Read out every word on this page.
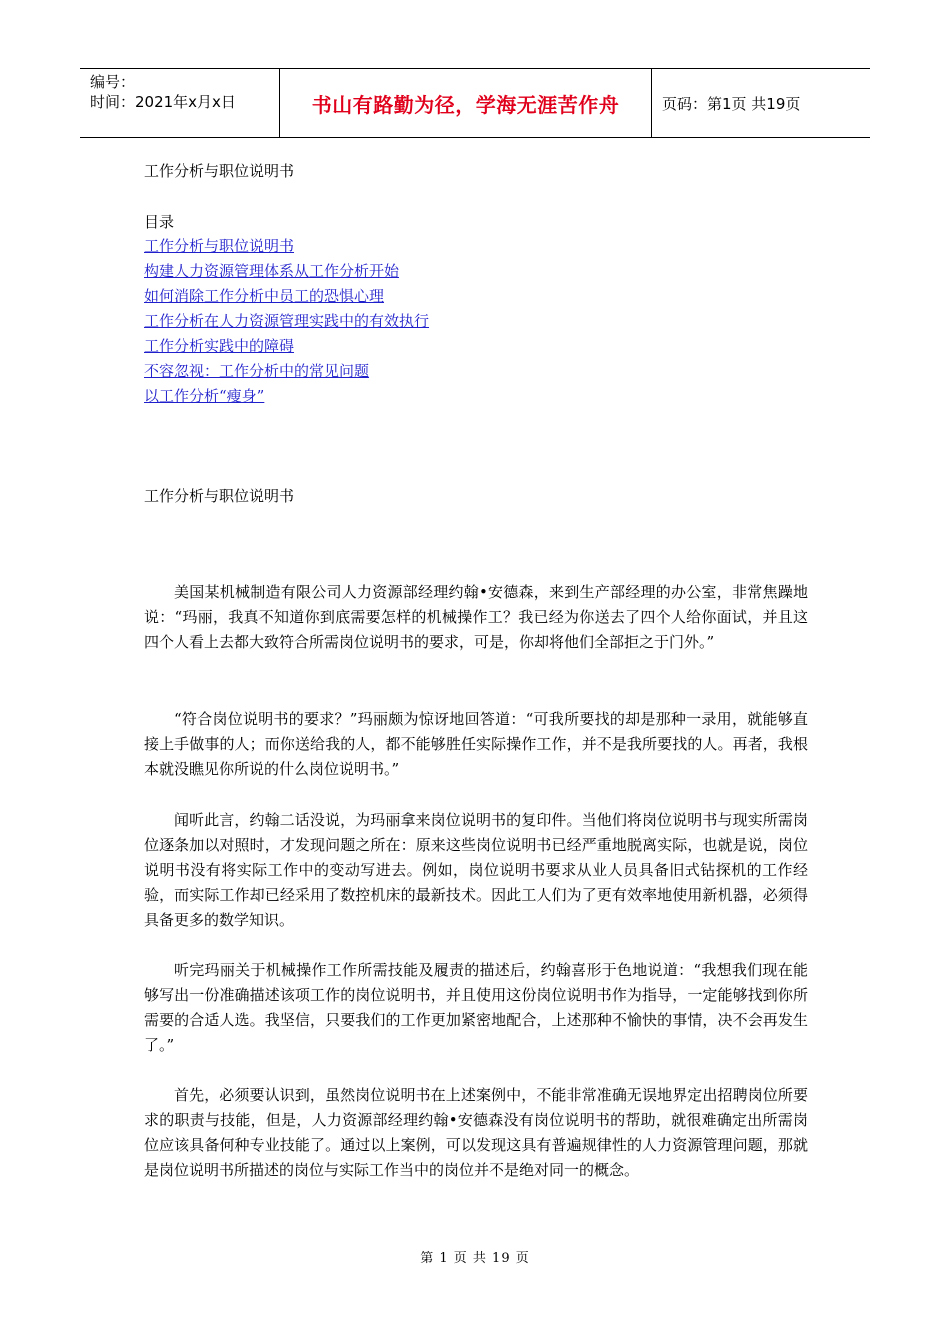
编号：
时间：2021年x月x日	书山有路勤为径，学海无涯苦作舟	页码：第1页 共19页
工作分析与职位说明书
目录
工作分析与职位说明书
构建人力资源管理体系从工作分析开始
如何消除工作分析中员工的恐惧心理
工作分析在人力资源管理实践中的有效执行
工作分析实践中的障碍
不容忽视：工作分析中的常见问题
以工作分析“瘦身”
工作分析与职位说明书

美国某机械制造有限公司人力资源部经理约翰•安德森，来到生产部经理的办公室，非常焦躁地说：“玛丽，我真不知道你到底需要怎样的机械操作工？我已经为你送去了四个人给你面试，并且这四个人看上去都大致符合所需岗位说明书的要求，可是，你却将他们全部拒之于门外。”

“符合岗位说明书的要求？”玛丽颇为惊讶地回答道：“可我所要找的却是那种一录用，就能够直接上手做事的人；而你送给我的人，都不能够胜任实际操作工作，并不是我所要找的人。再者，我根本就没瞧见你所说的什么岗位说明书。”

闻听此言，约翰二话没说，为玛丽拿来岗位说明书的复印件。当他们将岗位说明书与现实所需岗位逐条加以对照时，才发现问题之所在：原来这些岗位说明书已经严重地脱离实际，也就是说，岗位说明书没有将实际工作中的变动写进去。例如，岗位说明书要求从业人员具备旧式钻探机的工作经验，而实际工作却已经采用了数控机床的最新技术。因此工人们为了更有效率地使用新机器，必须得具备更多的数学知识。

听完玛丽关于机械操作工作所需技能及履责的描述后，约翰喜形于色地说道：“我想我们现在能够写出一份准确描述该项工作的岗位说明书，并且使用这份岗位说明书作为指导，一定能够找到你所需要的合适人选。我坚信，只要我们的工作更加紧密地配合，上述那种不愉快的事情，决不会再发生了。”

首先，必须要认识到，虽然岗位说明书在上述案例中，不能非常准确无误地界定出招聘岗位所要求的职责与技能，但是，人力资源部经理约翰•安德森没有岗位说明书的帮助，就很难确定出所需岗位应该具备何种专业技能了。通过以上案例，可以发现这具有普遍规律性的人力资源管理问题，那就是岗位说明书所描述的岗位与实际工作当中的岗位并不是绝对同一的概念。

第 1 页 共 19 页
